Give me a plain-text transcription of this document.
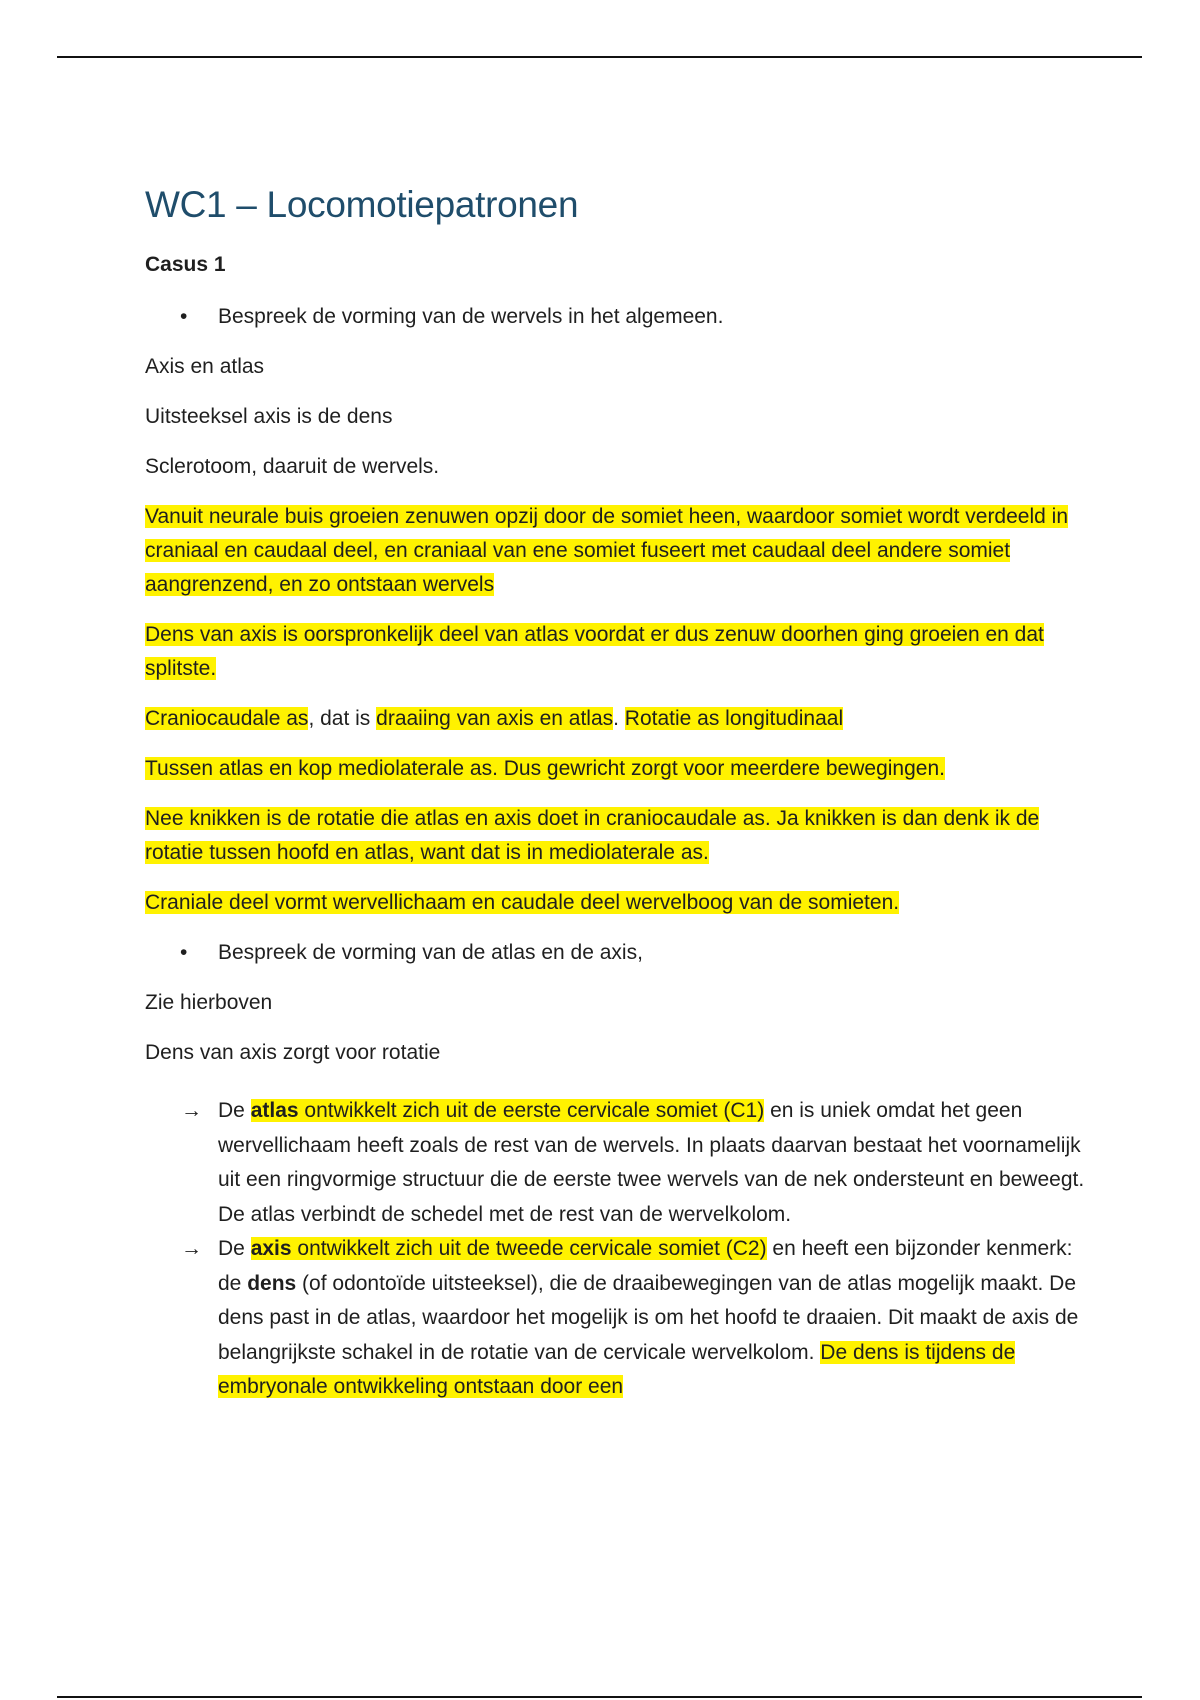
WC1 – Locomotiepatronen
Casus 1
• Bespreek de vorming van de wervels in het algemeen.

Axis en atlas

Uitsteeksel axis is de dens

Sclerotoom, daaruit de wervels.

Vanuit neurale buis groeien zenuwen opzij door de somiet heen, waardoor somiet wordt verdeeld in craniaal en caudaal deel, en craniaal van ene somiet fuseert met caudaal deel andere somiet aangrenzend, en zo ontstaan wervels

Dens van axis is oorspronkelijk deel van atlas voordat er dus zenuw doorhen ging groeien en dat splitste.

Craniocaudale as, dat is draaiing van axis en atlas. Rotatie as longitudinaal

Tussen atlas en kop mediolaterale as. Dus gewricht zorgt voor meerdere bewegingen.

Nee knikken is de rotatie die atlas en axis doet in craniocaudale as. Ja knikken is dan denk ik de rotatie tussen hoofd en atlas, want dat is in mediolaterale as.

Craniale deel vormt wervellichaam en caudale deel wervelboog van de somieten.

• Bespreek de vorming van de atlas en de axis,

Zie hierboven

Dens van axis zorgt voor rotatie

→ De atlas ontwikkelt zich uit de eerste cervicale somiet (C1) en is uniek omdat het geen wervellichaam heeft zoals de rest van de wervels. In plaats daarvan bestaat het voornamelijk uit een ringvormige structuur die de eerste twee wervels van de nek ondersteunt en beweegt. De atlas verbindt de schedel met de rest van de wervelkolom.
→ De axis ontwikkelt zich uit de tweede cervicale somiet (C2) en heeft een bijzonder kenmerk: de dens (of odontoïde uitsteeksel), die de draaibewegingen van de atlas mogelijk maakt. De dens past in de atlas, waardoor het mogelijk is om het hoofd te draaien. Dit maakt de axis de belangrijkste schakel in de rotatie van de cervicale wervelkolom. De dens is tijdens de embryonale ontwikkeling ontstaan door een
